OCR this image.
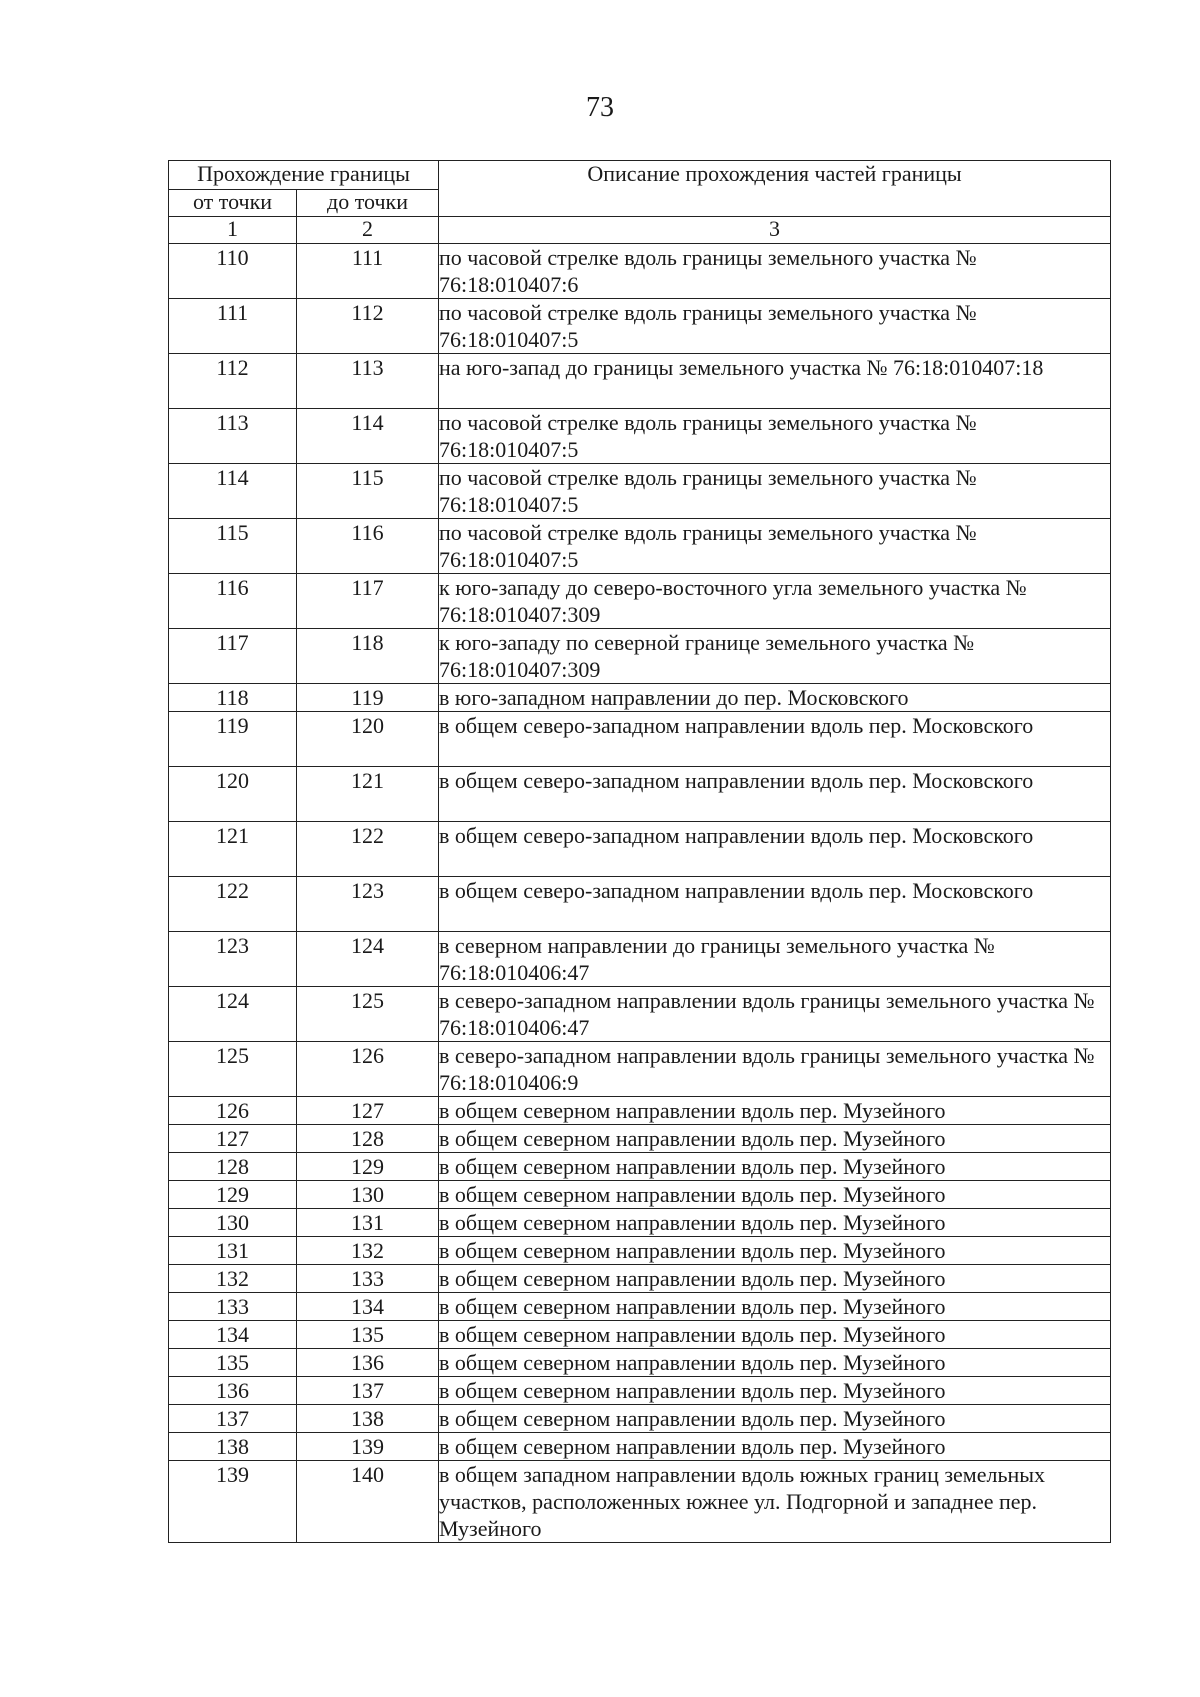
73
Прохождение границы		Описание прохождения частей границы
от точки	до точки	
1	2	3
110	111	по часовой стрелке вдоль границы земельного участка № 76:18:010407:6
111	112	по часовой стрелке вдоль границы земельного участка № 76:18:010407:5
112	113	на юго-запад до границы земельного участка № 76:18:010407:18
113	114	по часовой стрелке вдоль границы земельного участка № 76:18:010407:5
114	115	по часовой стрелке вдоль границы земельного участка № 76:18:010407:5
115	116	по часовой стрелке вдоль границы земельного участка № 76:18:010407:5
116	117	к юго-западу до северо-восточного угла земельного участка № 76:18:010407:309
117	118	к юго-западу по северной границе земельного участка № 76:18:010407:309
118	119	в юго-западном направлении до пер. Московского
119	120	в общем северо-западном направлении вдоль пер. Московского
120	121	в общем северо-западном направлении вдоль пер. Московского
121	122	в общем северо-западном направлении вдоль пер. Московского
122	123	в общем северо-западном направлении вдоль пер. Московского
123	124	в северном направлении до границы земельного участка № 76:18:010406:47
124	125	в северо-западном направлении вдоль границы земельного участка № 76:18:010406:47
125	126	в северо-западном направлении вдоль границы земельного участка № 76:18:010406:9
126	127	в общем северном направлении вдоль пер. Музейного
127	128	в общем северном направлении вдоль пер. Музейного
128	129	в общем северном направлении вдоль пер. Музейного
129	130	в общем северном направлении вдоль пер. Музейного
130	131	в общем северном направлении вдоль пер. Музейного
131	132	в общем северном направлении вдоль пер. Музейного
132	133	в общем северном направлении вдоль пер. Музейного
133	134	в общем северном направлении вдоль пер. Музейного
134	135	в общем северном направлении вдоль пер. Музейного
135	136	в общем северном направлении вдоль пер. Музейного
136	137	в общем северном направлении вдоль пер. Музейного
137	138	в общем северном направлении вдоль пер. Музейного
138	139	в общем северном направлении вдоль пер. Музейного
139	140	в общем западном направлении вдоль южных границ земельных участков, расположенных южнее ул. Подгорной и западнее пер. Музейного
